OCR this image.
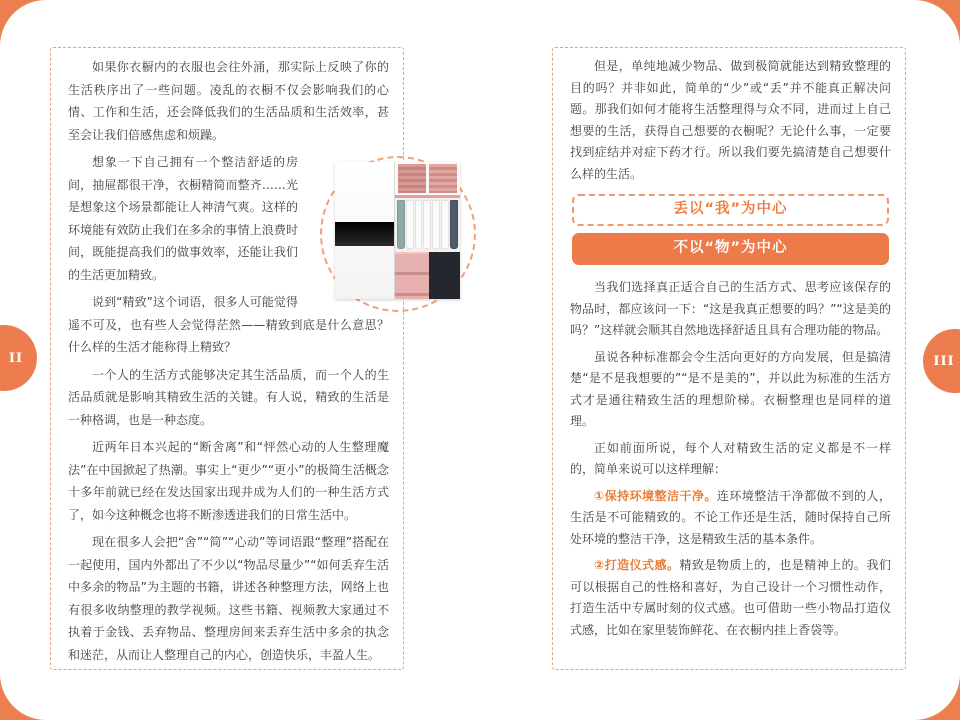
如果你衣橱内的衣服也会往外涌，那实际上反映了你的生活秩序出了一些问题。凌乱的衣橱不仅会影响我们的心情、工作和生活，还会降低我们的生活品质和生活效率，甚至会让我们倍感焦虑和烦躁。

想象一下自己拥有一个整洁舒适的房间，抽屉都很干净，衣橱精简而整齐……光是想象这个场景都能让人神清气爽。这样的环境能有效防止我们在多余的事情上浪费时间，既能提高我们的做事效率，还能让我们的生活更加精致。

说到“精致”这个词语，很多人可能觉得遥不可及，也有些人会觉得茫然——精致到底是什么意思？什么样的生活才能称得上精致？

一个人的生活方式能够决定其生活品质，而一个人的生活品质就是影响其精致生活的关键。有人说，精致的生活是一种格调，也是一种态度。

近两年日本兴起的“断舍离”和“怦然心动的人生整理魔法”在中国掀起了热潮。事实上“更少”“更小”的极简生活概念十多年前就已经在发达国家出现并成为人们的一种生活方式了，如今这种概念也将不断渗透进我们的日常生活中。

现在很多人会把“舍”“简”“心动”等词语跟“整理”搭配在一起使用，国内外都出了不少以“物品尽量少”“如何丢弃生活中多余的物品”为主题的书籍，讲述各种整理方法，网络上也有很多收纳整理的教学视频。这些书籍、视频教大家通过不执着于金钱、丢弃物品、整理房间来丢弃生活中多余的执念和迷茫，从而让人整理自己的内心，创造快乐，丰盈人生。

但是，单纯地减少物品、做到极简就能达到精致整理的目的吗？并非如此，简单的“少”或“丢”并不能真正解决问题。那我们如何才能将生活整理得与众不同，进而过上自己想要的生活，获得自己想要的衣橱呢？无论什么事，一定要找到症结并对症下药才行。所以我们要先搞清楚自己想要什么样的生活。

丢以“我”为中心
不以“物”为中心

当我们选择真正适合自己的生活方式、思考应该保存的物品时，都应该问一下：“这是我真正想要的吗？”“这是美的吗？”这样就会顺其自然地选择舒适且具有合理功能的物品。

虽说各种标准都会令生活向更好的方向发展，但是搞清楚“是不是我想要的”“是不是美的”，并以此为标准的生活方式才是通往精致生活的理想阶梯。衣橱整理也是同样的道理。

正如前面所说，每个人对精致生活的定义都是不一样的，简单来说可以这样理解：

①保持环境整洁干净。连环境整洁干净都做不到的人，生活是不可能精致的。不论工作还是生活，随时保持自己所处环境的整洁干净，这是精致生活的基本条件。

②打造仪式感。精致是物质上的，也是精神上的。我们可以根据自己的性格和喜好，为自己设计一个习惯性动作，打造生活中专属时刻的仪式感。也可借助一些小物品打造仪式感，比如在家里装饰鲜花、在衣橱内挂上香袋等。

II	III
